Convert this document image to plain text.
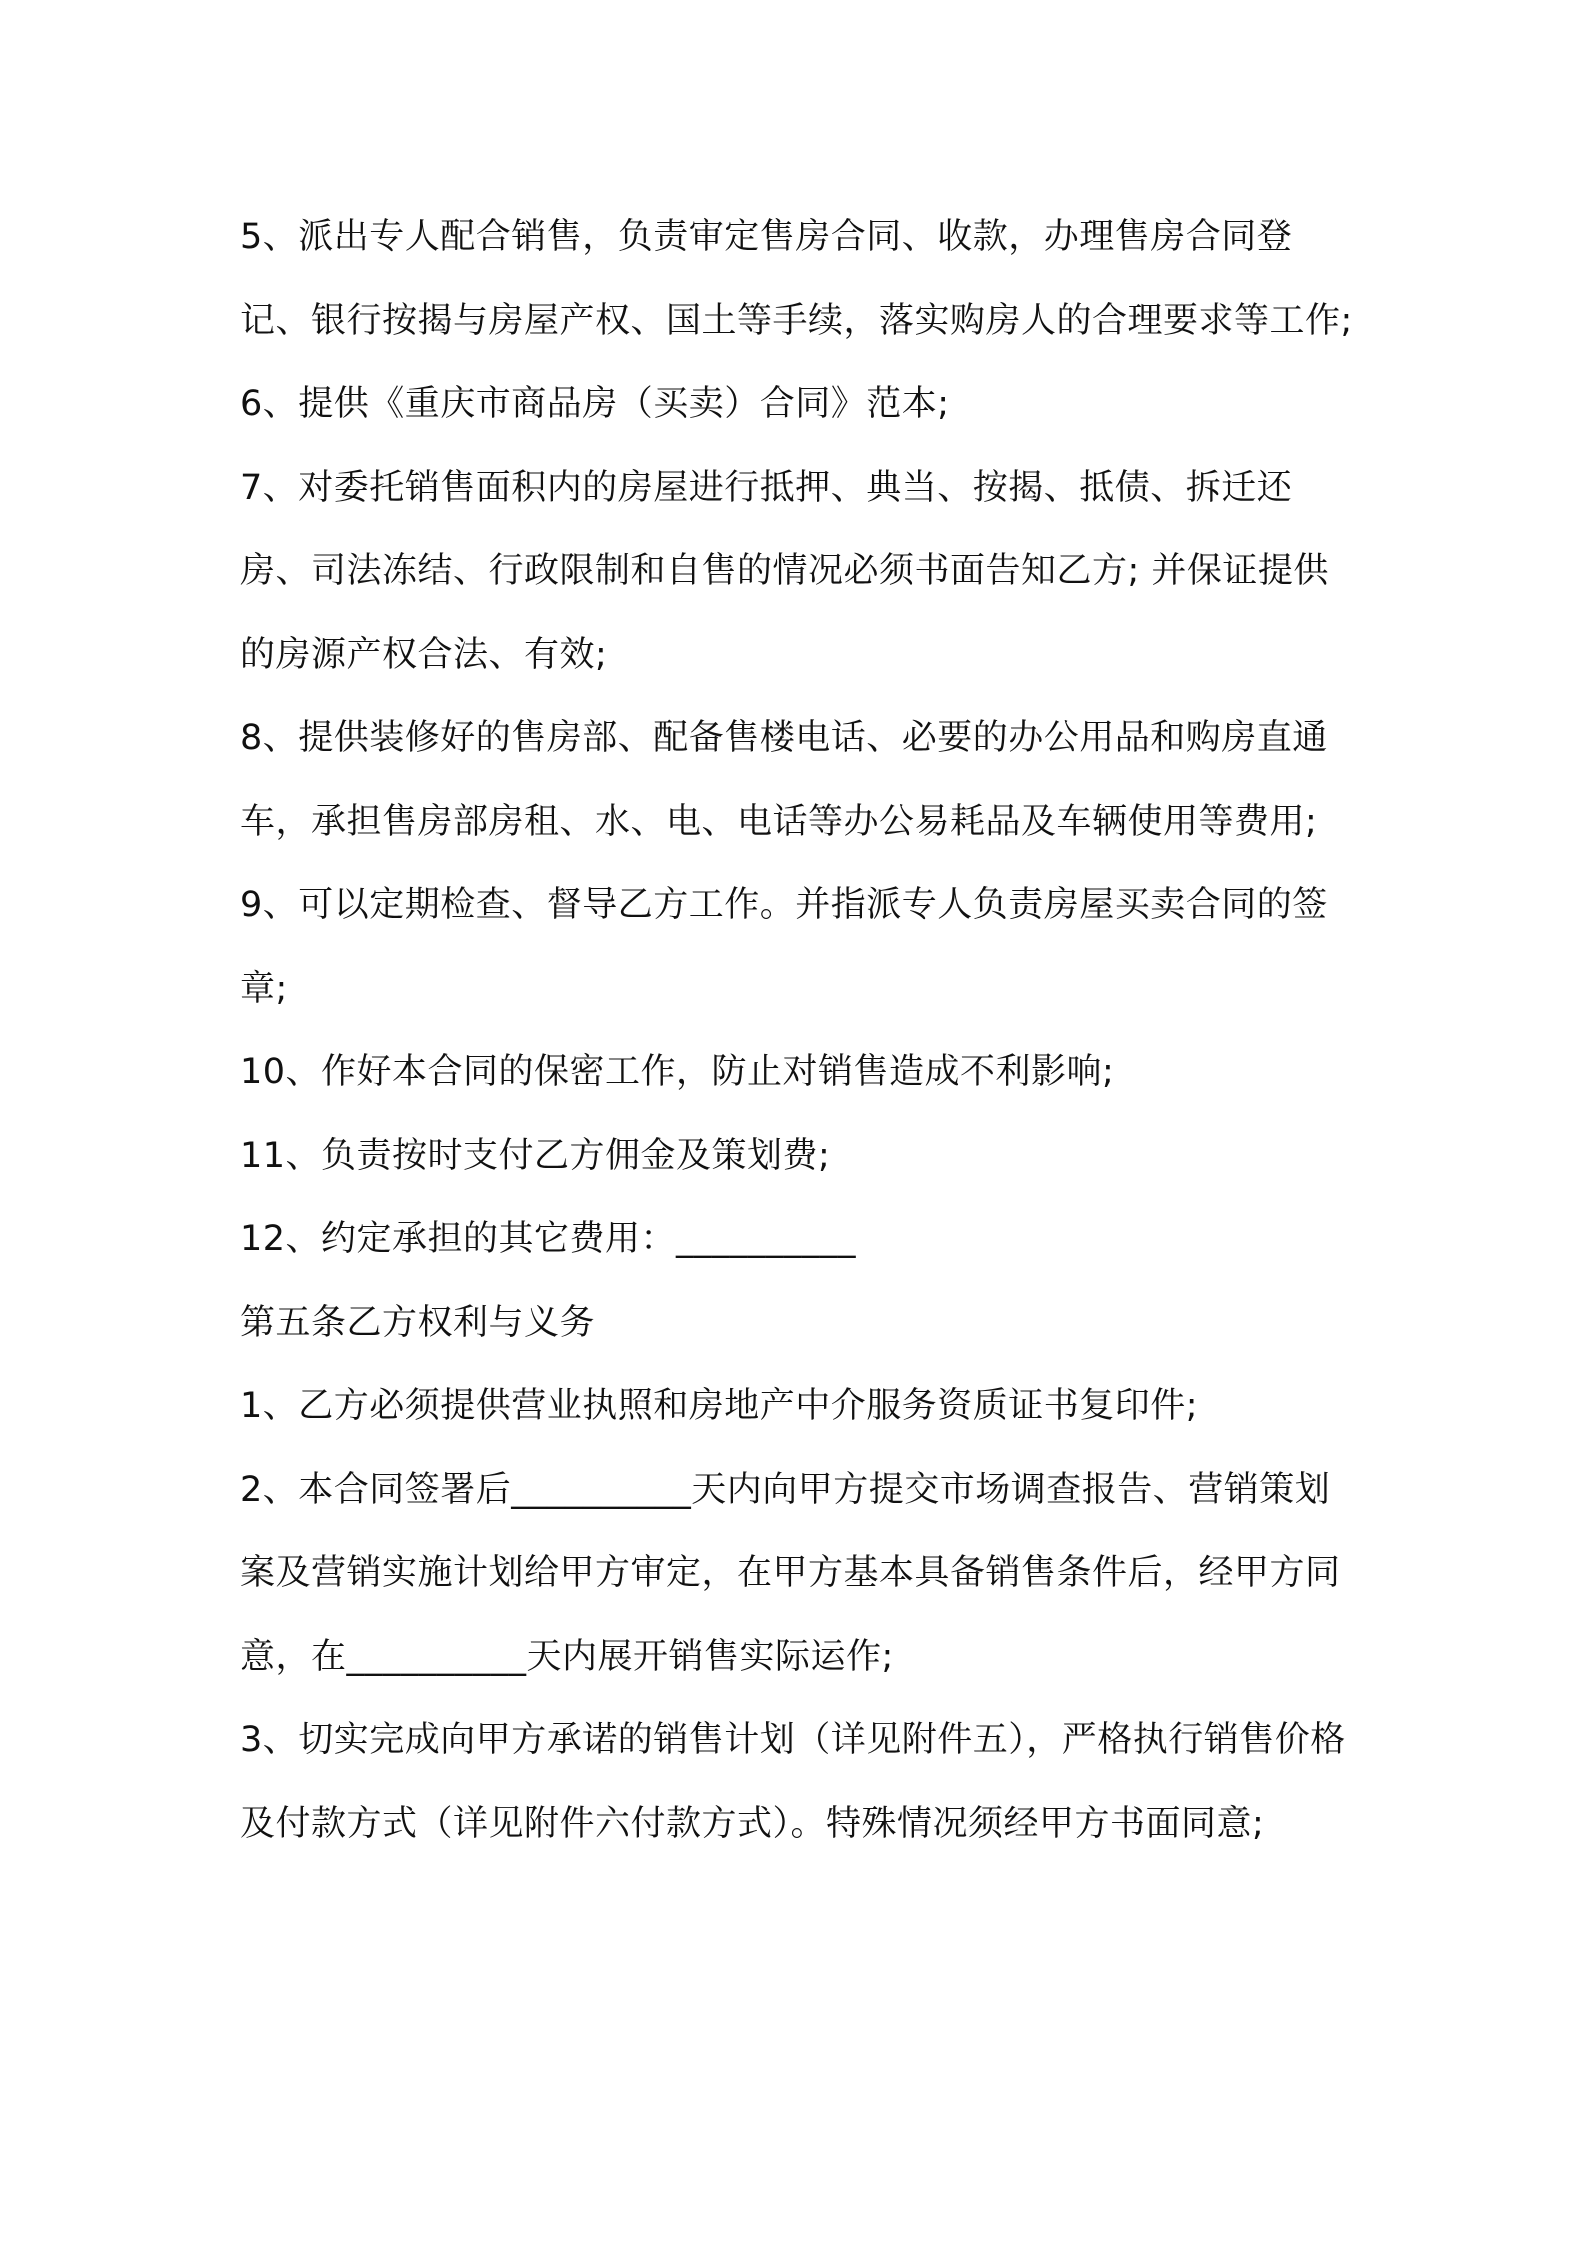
5、派出专人配合销售，负责审定售房合同、收款，办理售房合同登记、银行按揭与房屋产权、国土等手续，落实购房人的合理要求等工作;

6、提供《重庆市商品房（买卖）合同》范本;

7、对委托销售面积内的房屋进行抵押、典当、按揭、抵债、拆迁还房、司法冻结、行政限制和自售的情况必须书面告知乙方; 并保证提供的房源产权合法、有效;

8、提供装修好的售房部、配备售楼电话、必要的办公用品和购房直通车，承担售房部房租、水、电、电话等办公易耗品及车辆使用等费用;

9、可以定期检查、督导乙方工作。并指派专人负责房屋买卖合同的签章;

10、作好本合同的保密工作，防止对销售造成不利影响;

11、负责按时支付乙方佣金及策划费;

12、约定承担的其它费用：__________

第五条乙方权利与义务

1、乙方必须提供营业执照和房地产中介服务资质证书复印件;

2、本合同签署后__________天内向甲方提交市场调查报告、营销策划案及营销实施计划给甲方审定，在甲方基本具备销售条件后，经甲方同意，在__________天内展开销售实际运作;

3、切实完成向甲方承诺的销售计划（详见附件五），严格执行销售价格及付款方式（详见附件六付款方式）。特殊情况须经甲方书面同意;
